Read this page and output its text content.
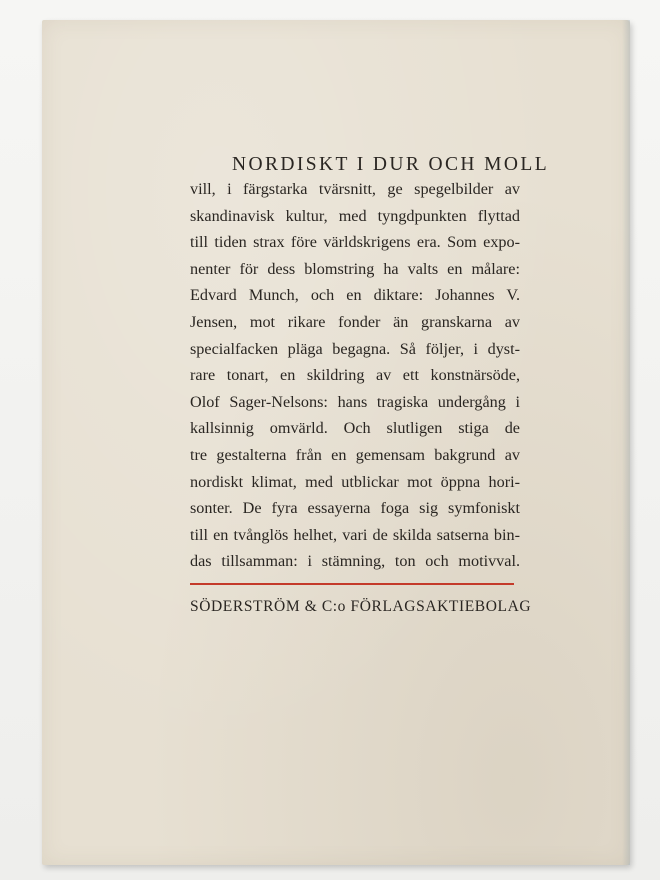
NORDISKT I DUR OCH MOLL
vill, i färgstarka tvärsnitt, ge spegelbilder av
skandinavisk kultur, med tyngdpunkten flyttad
till tiden strax före världskrigens era. Som expo-
nenter för dess blomstring ha valts en målare:
Edvard Munch, och en diktare: Johannes V.
Jensen, mot rikare fonder än granskarna av
specialfacken pläga begagna. Så följer, i dyst-
rare tonart, en skildring av ett konstnärsöde,
Olof Sager-Nelsons: hans tragiska undergång i
kallsinnig omvärld. Och slutligen stiga de
tre gestalterna från en gemensam bakgrund av
nordiskt klimat, med utblickar mot öppna hori-
sonter. De fyra essayerna foga sig symfoniskt
till en tvånglös helhet, vari de skilda satserna bin-
das tillsamman: i stämning, ton och motivval.
SÖDERSTRÖM & C:o FÖRLAGSAKTIEBOLAG
